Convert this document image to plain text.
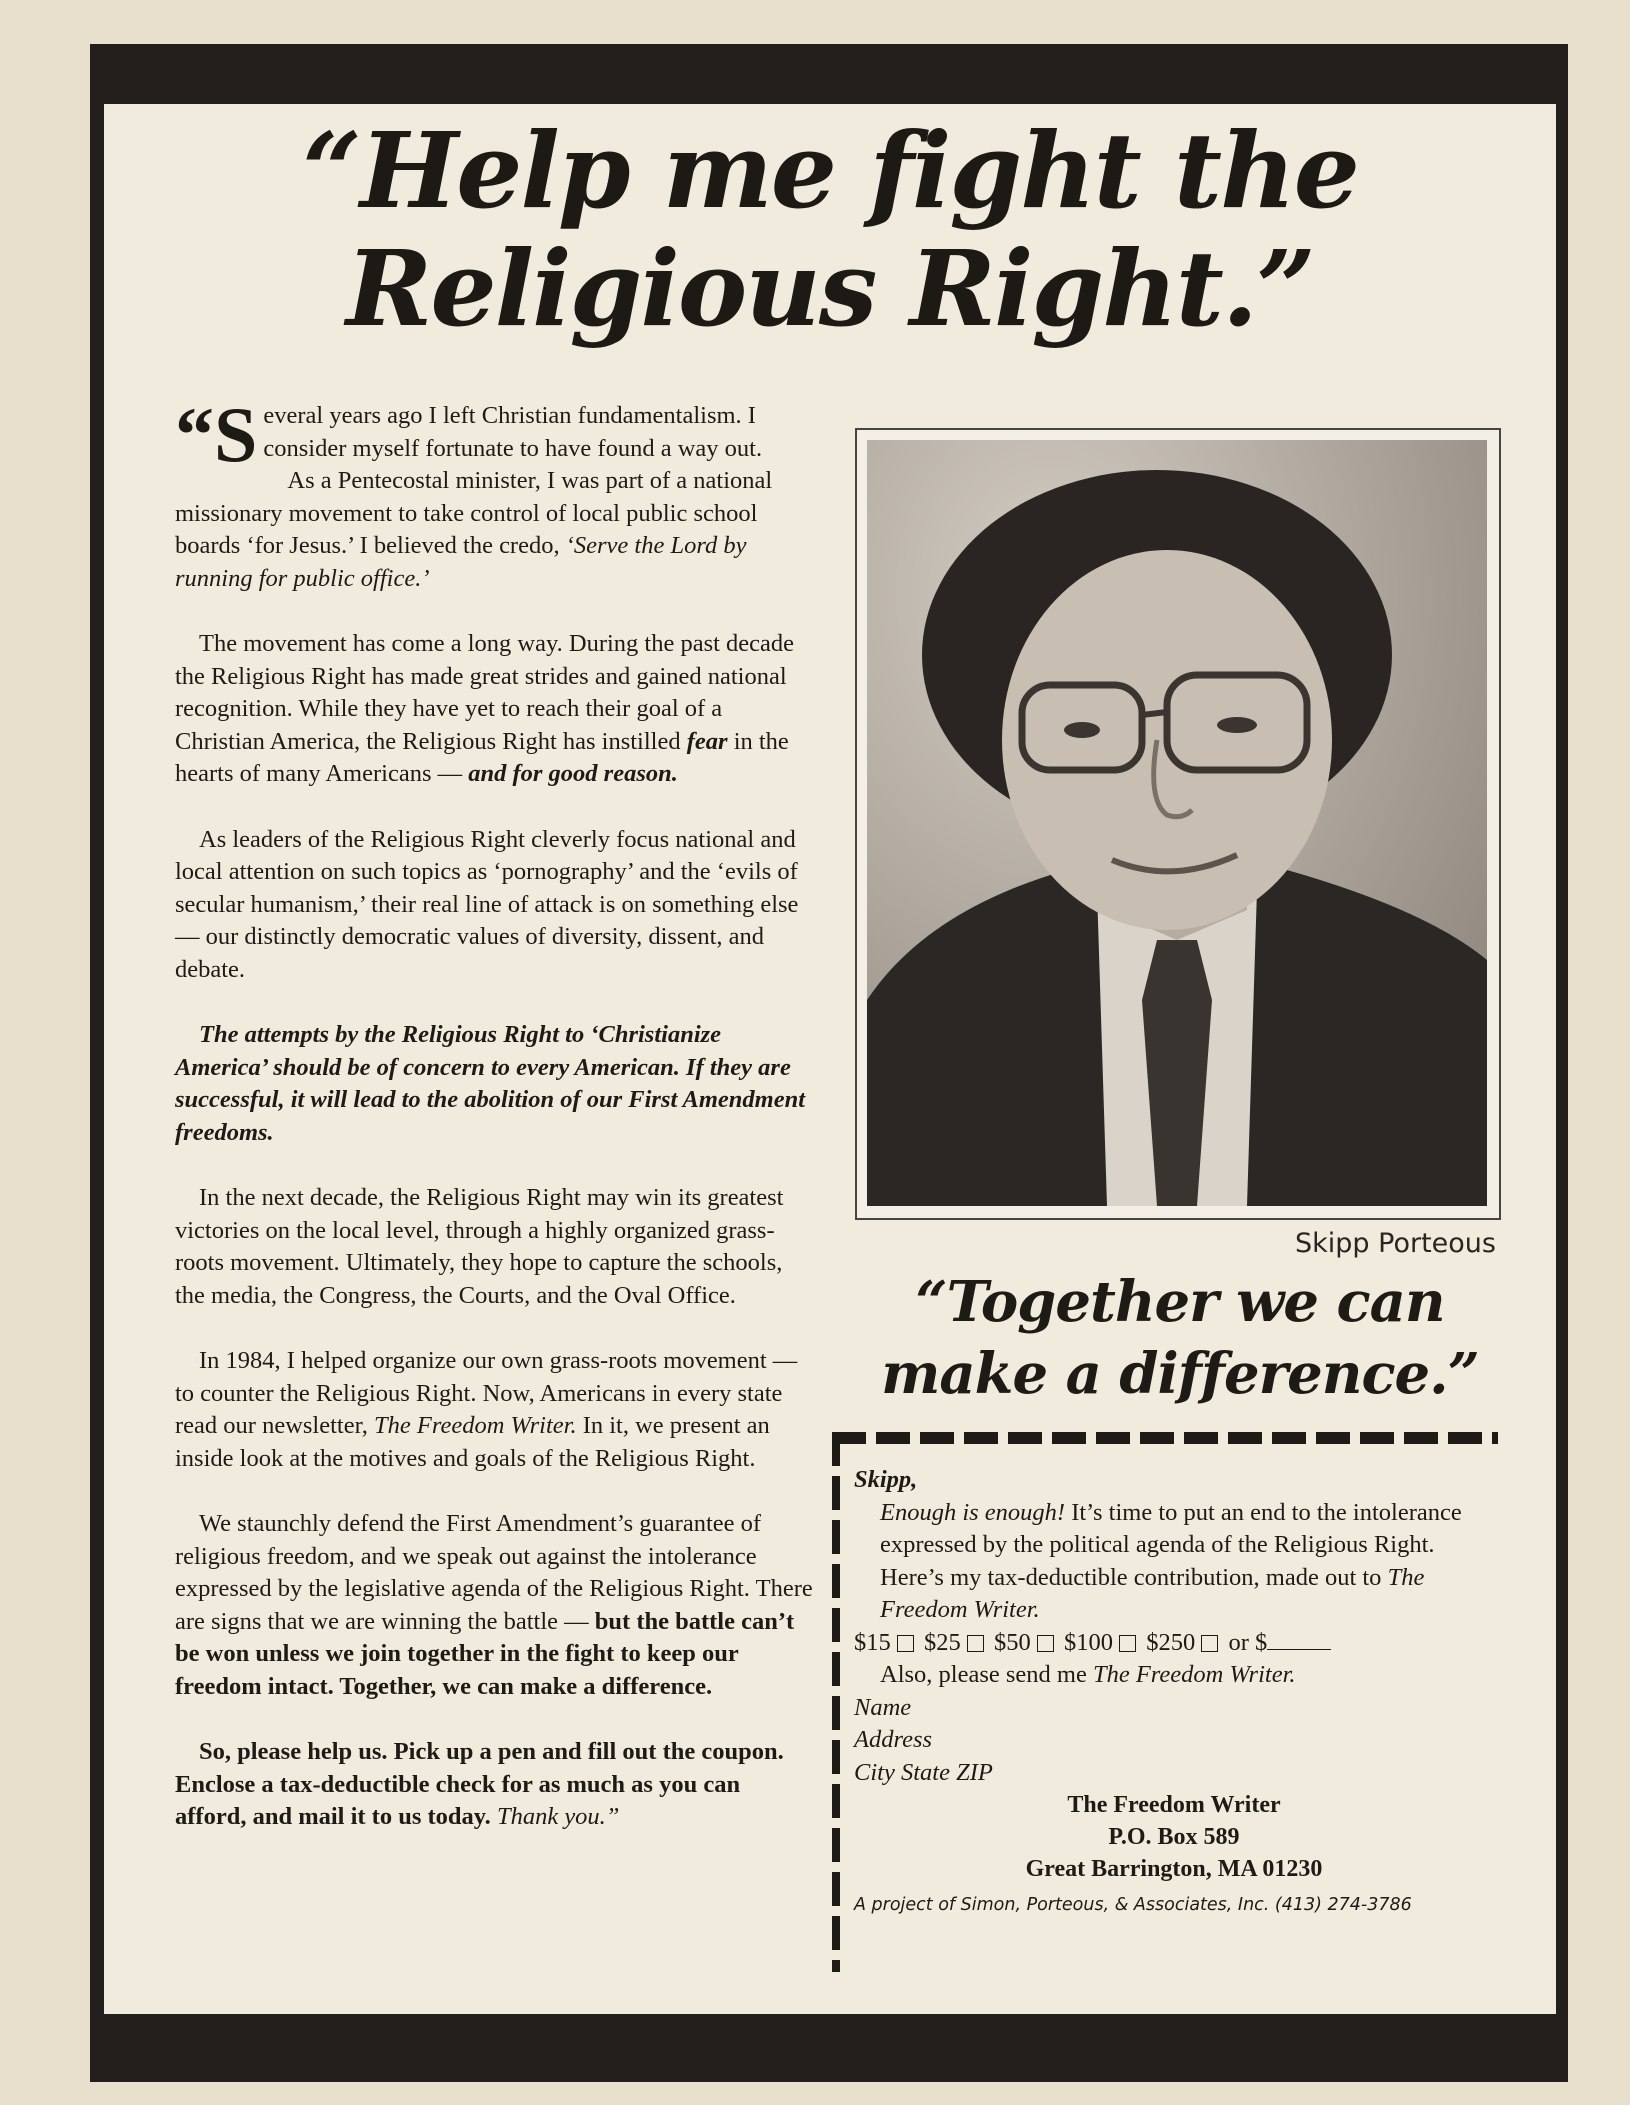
“Help me fight the
Religious Right.”

“Several years ago I left Christian fundamentalism. I consider myself fortunate to have found a way out.

As a Pentecostal minister, I was part of a national missionary movement to take control of local public school boards ‘for Jesus.’ I believed the credo, ‘Serve the Lord by running for public office.’

The movement has come a long way. During the past decade the Religious Right has made great strides and gained national recognition. While they have yet to reach their goal of a Christian America, the Religious Right has instilled fear in the hearts of many Americans — and for good reason.

As leaders of the Religious Right cleverly focus national and local attention on such topics as ‘pornography’ and the ‘evils of secular humanism,’ their real line of attack is on something else — our distinctly democratic values of diversity, dissent, and debate.

The attempts by the Religious Right to ‘Christianize America’ should be of concern to every American. If they are successful, it will lead to the abolition of our First Amendment freedoms.

In the next decade, the Religious Right may win its greatest victories on the local level, through a highly organized grass-roots movement. Ultimately, they hope to capture the schools, the media, the Congress, the Courts, and the Oval Office.

In 1984, I helped organize our own grass-roots movement — to counter the Religious Right. Now, Americans in every state read our newsletter, The Freedom Writer. In it, we present an inside look at the motives and goals of the Religious Right.

We staunchly defend the First Amendment’s guarantee of religious freedom, and we speak out against the intolerance expressed by the legislative agenda of the Religious Right. There are signs that we are winning the battle — but the battle can’t be won unless we join together in the fight to keep our freedom intact. Together, we can make a difference.

So, please help us. Pick up a pen and fill out the coupon. Enclose a tax-deductible check for as much as you can afford, and mail it to us today. Thank you.”

Skipp Porteous
“Together we can
make a difference.”
Skipp,
Enough is enough! It’s time to put an end to the intolerance expressed by the political agenda of the Religious Right. Here’s my tax-deductible contribution, made out to The Freedom Writer.
$15 $25 $50 $100 $250 or $
Also, please send me The Freedom Writer.
Name
Address
City State ZIP
The Freedom Writer
P.O. Box 589
Great Barrington, MA 01230
A project of Simon, Porteous, & Associates, Inc. (413) 274-3786
